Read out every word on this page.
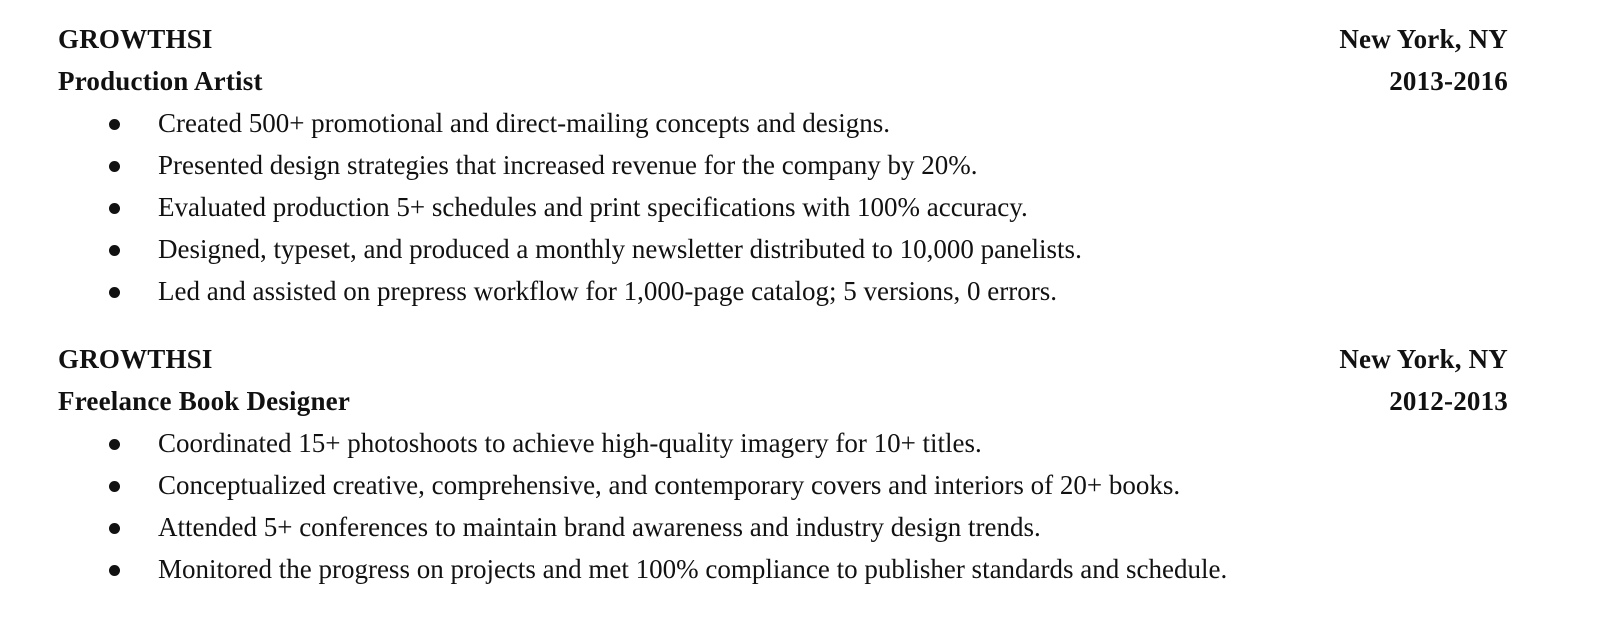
GROWTHSI	New York, NY
Production Artist	2013-2016
Created 500+ promotional and direct-mailing concepts and designs.
Presented design strategies that increased revenue for the company by 20%.
Evaluated production 5+ schedules and print specifications with 100% accuracy.
Designed, typeset, and produced a monthly newsletter distributed to 10,000 panelists.
Led and assisted on prepress workflow for 1,000-page catalog; 5 versions, 0 errors.
GROWTHSI	New York, NY
Freelance Book Designer	2012-2013
Coordinated 15+ photoshoots to achieve high-quality imagery for 10+ titles.
Conceptualized creative, comprehensive, and contemporary covers and interiors of 20+ books.
Attended 5+ conferences to maintain brand awareness and industry design trends.
Monitored the progress on projects and met 100% compliance to publisher standards and schedule.
